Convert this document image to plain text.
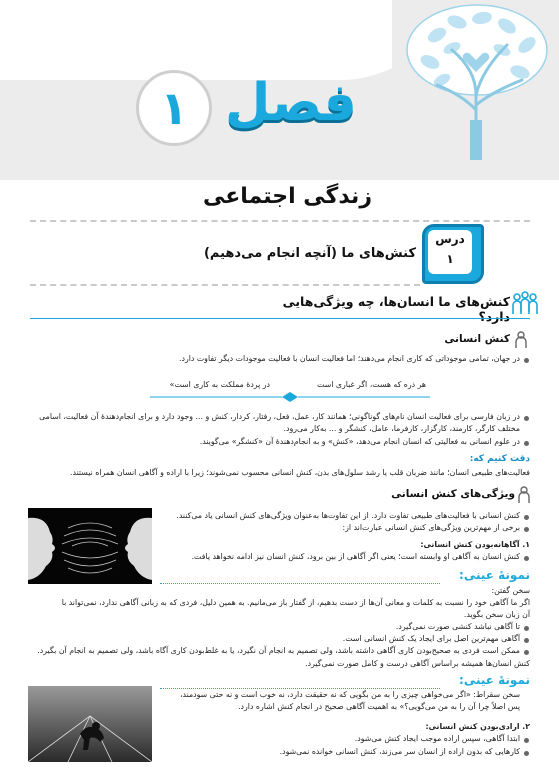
۱ فصل
زندگی اجتماعی
درس
۱
کنش‌های ما (آنچه انجام می‌دهیم)
کنش‌های ما انسان‌ها، چه ویژگی‌هایی دارد؟
کنش انسانی
در جهان، تمامی موجوداتی که کاری انجام می‌دهند؛ اما فعالیت انسان با فعالیت موجودات دیگر تفاوت دارد.
هر ذره که هست، اگر غباری است
در پردهٔ مملکت به کاری است»
در زبان فارسی برای فعالیت انسان نام‌های گوناگونی؛ همانند کار، عمل، فعل، رفتار، کردار، کنش و ... وجود دارد و برای انجام‌دهندهٔ آن فعالیت، اسامی
مختلف کارگر، کارمند، کارگزار، کارفرما، عامل، کنشگر و ... به‌کار می‌رود.
در علوم انسانی به فعالیتی که انسان انجام می‌دهد، «کنش» و به انجام‌دهندهٔ آن «کنشگر» می‌گویند.
دقت کنیم که:
فعالیت‌های طبیعی انسان؛ مانند ضربان قلب یا رشد سلول‌های بدن، کنش انسانی محسوب نمی‌شوند؛ زیرا با اراده و آگاهی انسان همراه نیستند.
ویژگی‌های کنش انسانی
کنش انسانی با فعالیت‌های طبیعی تفاوت دارد. از این تفاوت‌ها به‌عنوان ویژگی‌های کنش انسانی یاد می‌کنند.
برخی از مهم‌ترین ویژگی‌های کنش انسانی عبارت‌اند از:
۱. آگاهانه‌بودن کنش انسانی:
کنش انسان به آگاهی او وابسته است؛ یعنی اگر آگاهی از بین برود، کنش انسان نیز ادامه نخواهد یافت.
نمونهٔ عینی:
سخن گفتن:
اگر ما آگاهی خود را نسبت به کلمات و معانی آن‌ها از دست بدهیم، از گفتار باز می‌مانیم. به همین دلیل، فردی که به زبانی آگاهی ندارد، نمی‌تواند با
آن زبان سخن بگوید.
تا آگاهی نباشد کنشی صورت نمی‌گیرد.
آگاهی مهم‌ترین اصل برای ایجاد یک کنش انسانی است.
ممکن است فردی به صحیح‌بودن کاری آگاهی داشته باشد، ولی تصمیم به انجام آن نگیرد، یا به غلط‌بودن کاری آگاه باشد، ولی تصمیم به انجام آن بگیرد.
کنش انسان‌ها همیشه براساس آگاهی درست و کامل صورت نمی‌گیرد.
نمونهٔ عینی:
سخن سقراط: «اگر می‌خواهی چیزی را به من بگویی که نه حقیقت دارد، نه خوب است و نه حتی سودمند،
پس اصلاً چرا آن را به من می‌گویی؟» به اهمیت آگاهی صحیح در انجام کنش اشاره دارد.
۲. ارادی‌بودن کنش انسانی:
ابتدا آگاهی، سپس اراده موجب ایجاد کنش می‌شود.
کارهایی که بدون اراده از انسان سر می‌زند، کنش انسانی خوانده نمی‌شود.
